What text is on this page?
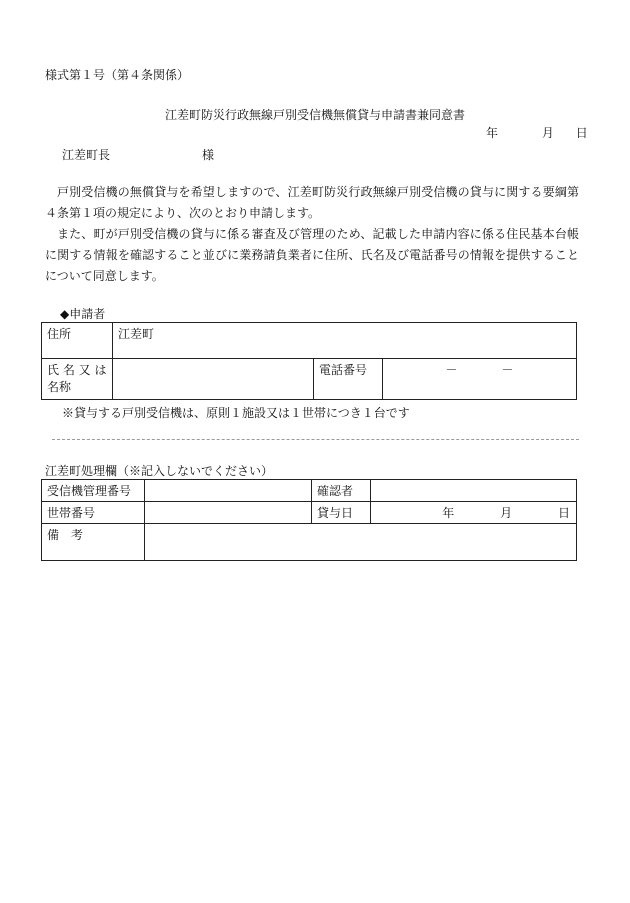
様式第１号（第４条関係）
江差町防災行政無線戸別受信機無償貸与申請書兼同意書
年	月 日
江差町長	様
戸別受信機の無償貸与を希望しますので、江差町防災行政無線戸別受信機の貸与に関する要綱第４条第１項の規定により、次のとおり申請します。
また、町が戸別受信機の貸与に係る審査及び管理のため、記載した申請内容に係る住民基本台帳に関する情報を確認すること並びに業務請負業者に住所、氏名及び電話番号の情報を提供することについて同意します。
◆申請者
住所	江差町		

氏 名 又 は
名称		電話番号	－ －
※貸与する戸別受信機は、原則１施設又は１世帯につき１台です
江差町処理欄（※記入しないでください）
受信機管理番号		確認者	
世帯番号		貸与日	年 月 日
備　考			
